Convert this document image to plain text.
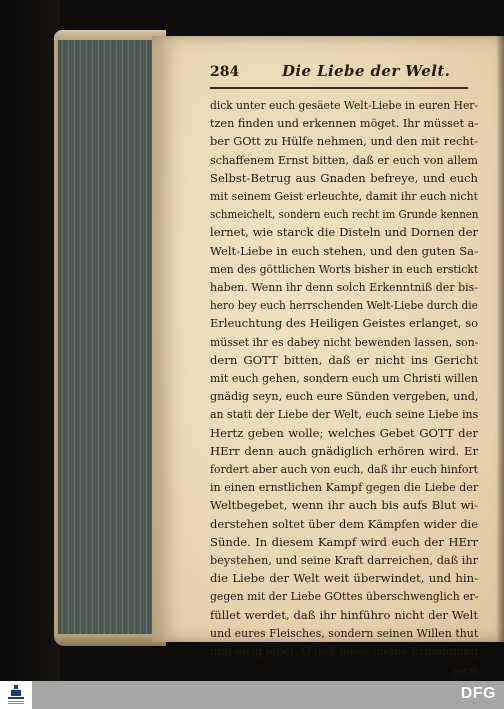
284	Die Liebe der Welt.
dick unter euch gesäete Welt-Liebe in euren Her-
tzen finden und erkennen möget. Ihr müsset a-
ber GOtt zu Hülfe nehmen, und den mit recht-
schaffenem Ernst bitten, daß er euch von allem
Selbst-Betrug aus Gnaden befreye, und euch
mit seinem Geist erleuchte, damit ihr euch nicht
schmeichelt, sondern euch recht im Grunde kennen
lernet, wie starck die Disteln und Dornen der
Welt-Liebe in euch stehen, und den guten Sa-
men des göttlichen Worts bisher in euch erstickt
haben. Wenn ihr denn solch Erkenntniß der bis-
hero bey euch herrschenden Welt-Liebe durch die
Erleuchtung des Heiligen Geistes erlanget, so
müsset ihr es dabey nicht bewenden lassen, son-
dern GOTT bitten, daß er nicht ins Gericht
mit euch gehen, sondern euch um Christi willen
gnädig seyn, euch eure Sünden vergeben, und,
an statt der Liebe der Welt, euch seine Liebe ins
Hertz geben wolle; welches Gebet GOTT der
HErr denn auch gnädiglich erhören wird. Er
fordert aber auch von euch, daß ihr euch hinfort
in einen ernstlichen Kampf gegen die Liebe der
Weltbegebet, wenn ihr auch bis aufs Blut wi-
derstehen soltet über dem Kämpfen wider die
Sünde. In diesem Kampf wird euch der HErr
beystehen, und seine Kraft darreichen, daß ihr
die Liebe der Welt weit überwindet, und hin-
gegen mit der Liebe GOttes überschwenglich er-
füllet werdet, daß ihr hinführo nicht der Welt
und eures Fleisches, sondern seinen Willen thut
und ewig lebet. O daß diese meine Ermahnung
jetzt
DFG
